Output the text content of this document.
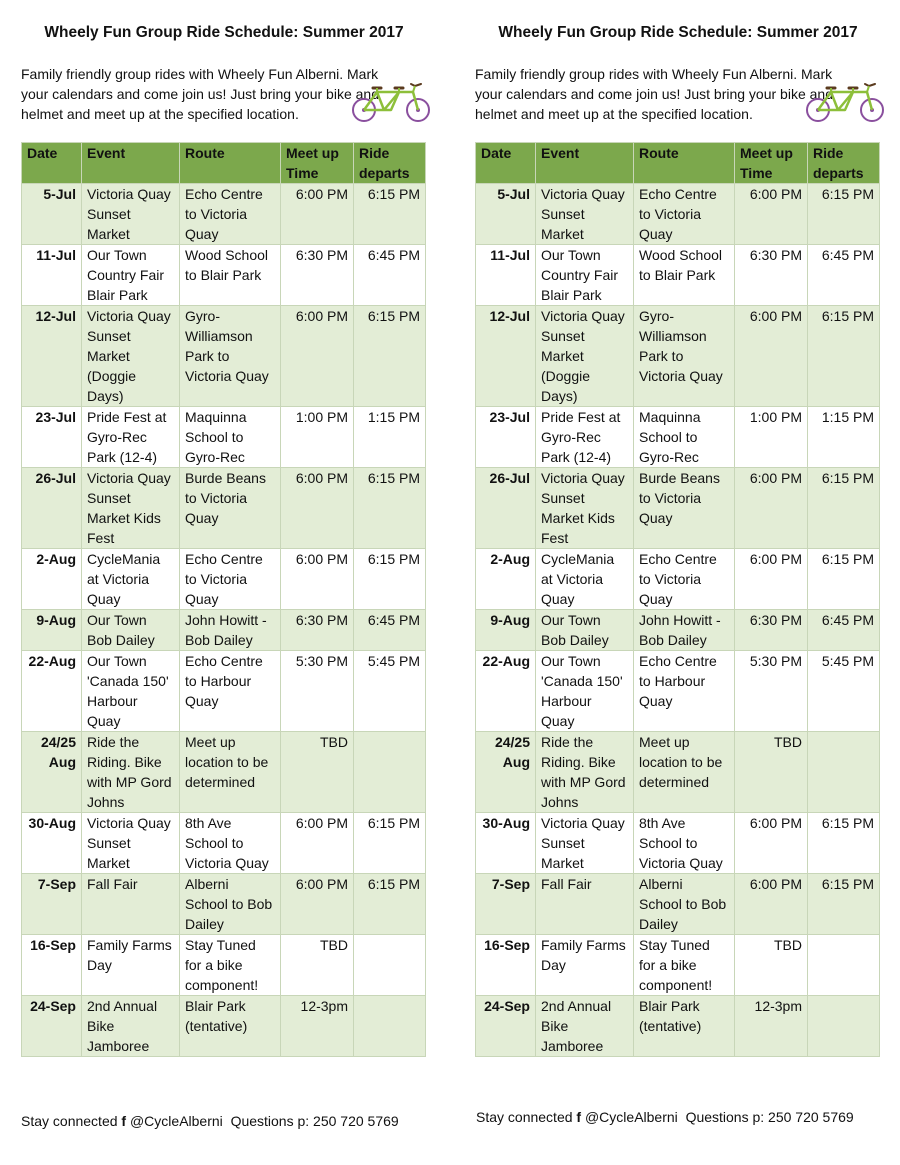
Wheely Fun Group Ride Schedule: Summer 2017

Family friendly group rides with Wheely Fun Alberni. Mark your calendars and come join us! Just bring your bike and helmet and meet up at the specified location.

Date	Event	Route	Meet up Time	Ride departs
5-Jul	Victoria Quay Sunset Market	Echo Centre to Victoria Quay	6:00 PM	6:15 PM
11-Jul	Our Town Country Fair Blair Park	Wood School to Blair Park	6:30 PM	6:45 PM
12-Jul	Victoria Quay Sunset Market (Doggie Days)	Gyro-Williamson Park to Victoria Quay	6:00 PM	6:15 PM
23-Jul	Pride Fest at Gyro-Rec Park (12-4)	Maquinna School to Gyro-Rec	1:00 PM	1:15 PM
26-Jul	Victoria Quay Sunset Market Kids Fest	Burde Beans to Victoria Quay	6:00 PM	6:15 PM
2-Aug	CycleMania at Victoria Quay	Echo Centre to Victoria Quay	6:00 PM	6:15 PM
9-Aug	Our Town Bob Dailey	John Howitt - Bob Dailey	6:30 PM	6:45 PM
22-Aug	Our Town 'Canada 150' Harbour Quay	Echo Centre to Harbour Quay	5:30 PM	5:45 PM
24/25 Aug	Ride the Riding. Bike with MP Gord Johns	Meet up location to be determined	TBD	
30-Aug	Victoria Quay Sunset Market	8th Ave School to Victoria Quay	6:00 PM	6:15 PM
7-Sep	Fall Fair	Alberni School to Bob Dailey	6:00 PM	6:15 PM
16-Sep	Family Farms Day	Stay Tuned for a bike component!	TBD	
24-Sep	2nd Annual Bike Jamboree	Blair Park (tentative)	12-3pm	
Wheely Fun Group Ride Schedule: Summer 2017

Family friendly group rides with Wheely Fun Alberni. Mark your calendars and come join us! Just bring your bike and helmet and meet up at the specified location.

Date	Event	Route	Meet up Time	Ride departs
5-Jul	Victoria Quay Sunset Market	Echo Centre to Victoria Quay	6:00 PM	6:15 PM
11-Jul	Our Town Country Fair Blair Park	Wood School to Blair Park	6:30 PM	6:45 PM
12-Jul	Victoria Quay Sunset Market (Doggie Days)	Gyro-Williamson Park to Victoria Quay	6:00 PM	6:15 PM
23-Jul	Pride Fest at Gyro-Rec Park (12-4)	Maquinna School to Gyro-Rec	1:00 PM	1:15 PM
26-Jul	Victoria Quay Sunset Market Kids Fest	Burde Beans to Victoria Quay	6:00 PM	6:15 PM
2-Aug	CycleMania at Victoria Quay	Echo Centre to Victoria Quay	6:00 PM	6:15 PM
9-Aug	Our Town Bob Dailey	John Howitt - Bob Dailey	6:30 PM	6:45 PM
22-Aug	Our Town 'Canada 150' Harbour Quay	Echo Centre to Harbour Quay	5:30 PM	5:45 PM
24/25 Aug	Ride the Riding. Bike with MP Gord Johns	Meet up location to be determined	TBD	
30-Aug	Victoria Quay Sunset Market	8th Ave School to Victoria Quay	6:00 PM	6:15 PM
7-Sep	Fall Fair	Alberni School to Bob Dailey	6:00 PM	6:15 PM
16-Sep	Family Farms Day	Stay Tuned for a bike component!	TBD	
24-Sep	2nd Annual Bike Jamboree	Blair Park (tentative)	12-3pm	
Stay connected f @CycleAlberni Questions p: 250 720 5769	Stay connected f @CycleAlberni Questions p: 250 720 5769
